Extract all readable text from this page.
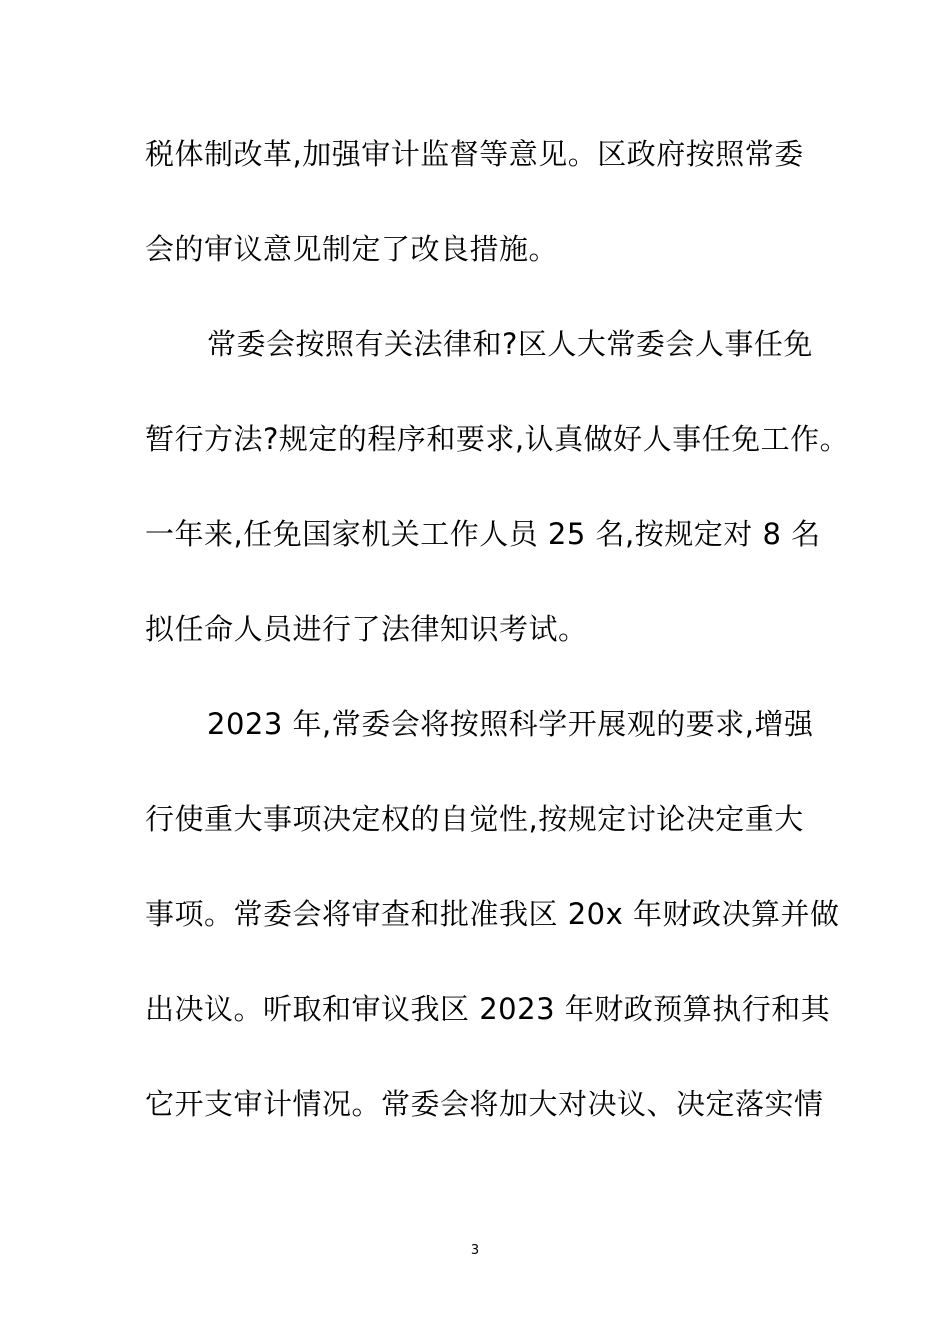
税体制改革,加强审计监督等意见。区政府按照常委
会的审议意见制定了改良措施。
常委会按照有关法律和?区人大常委会人事任免
暂行方法?规定的程序和要求,认真做好人事任免工作。
一年来,任免国家机关工作人员 25 名,按规定对 8 名
拟任命人员进行了法律知识考试。
2023 年,常委会将按照科学开展观的要求,增强
行使重大事项决定权的自觉性,按规定讨论决定重大
事项。常委会将审查和批准我区 20x 年财政决算并做
出决议。听取和审议我区 2023 年财政预算执行和其
它开支审计情况。常委会将加大对决议、决定落实情
3
